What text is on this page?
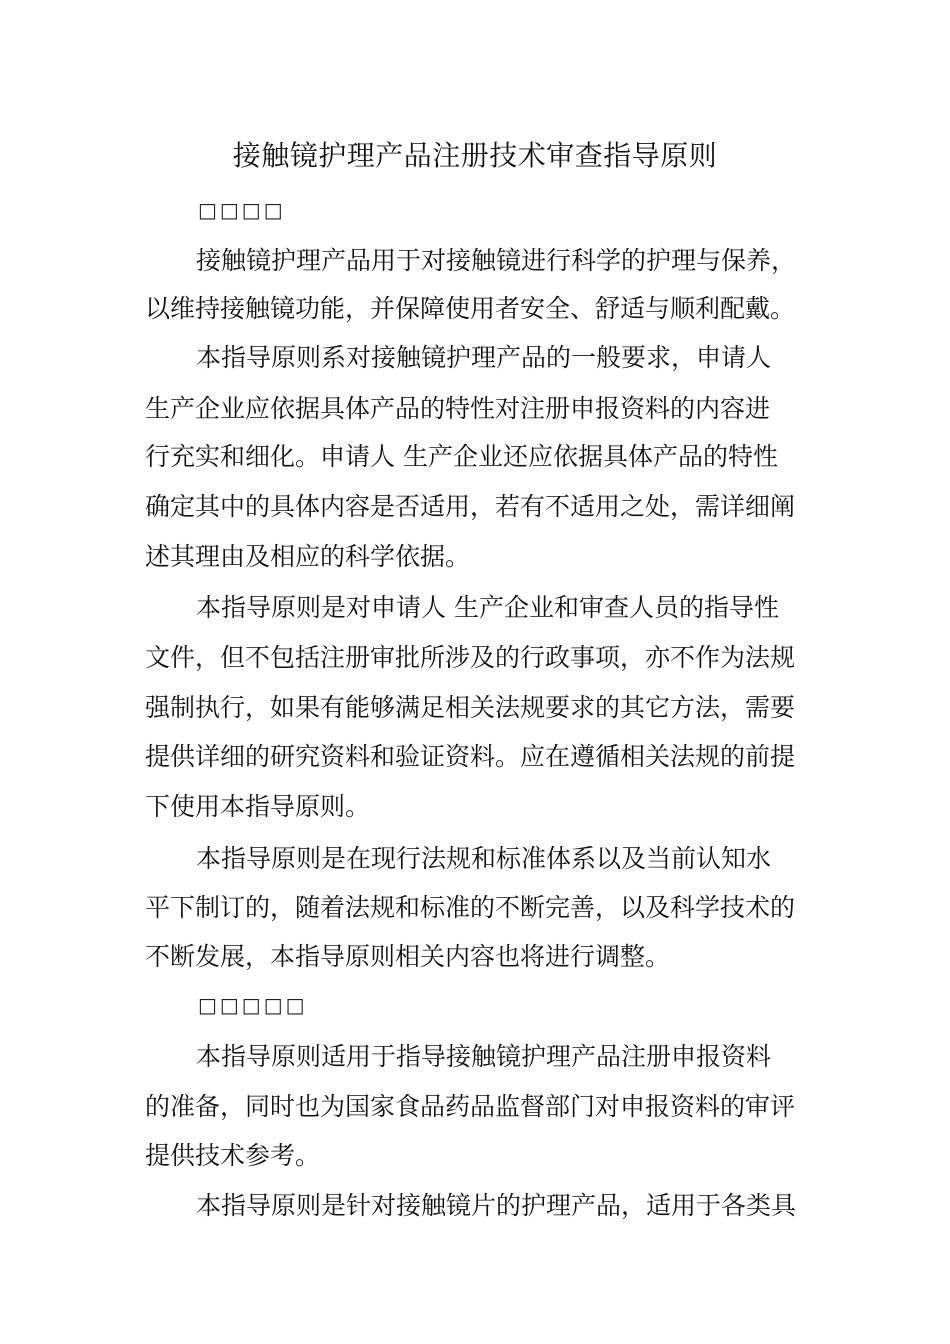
接触镜护理产品注册技术审查指导原则
□□□□
接触镜护理产品用于对接触镜进行科学的护理与保养，
以维持接触镜功能，并保障使用者安全、舒适与顺利配戴。
本指导原则系对接触镜护理产品的一般要求，申请人
生产企业应依据具体产品的特性对注册申报资料的内容进
行充实和细化。申请人 生产企业还应依据具体产品的特性
确定其中的具体内容是否适用，若有不适用之处，需详细阐
述其理由及相应的科学依据。
本指导原则是对申请人 生产企业和审查人员的指导性
文件，但不包括注册审批所涉及的行政事项，亦不作为法规
强制执行，如果有能够满足相关法规要求的其它方法，需要
提供详细的研究资料和验证资料。应在遵循相关法规的前提
下使用本指导原则。
本指导原则是在现行法规和标准体系以及当前认知水
平下制订的，随着法规和标准的不断完善，以及科学技术的
不断发展，本指导原则相关内容也将进行调整。
□□□□□
本指导原则适用于指导接触镜护理产品注册申报资料
的准备，同时也为国家食品药品监督部门对申报资料的审评
提供技术参考。
本指导原则是针对接触镜片的护理产品，适用于各类具
